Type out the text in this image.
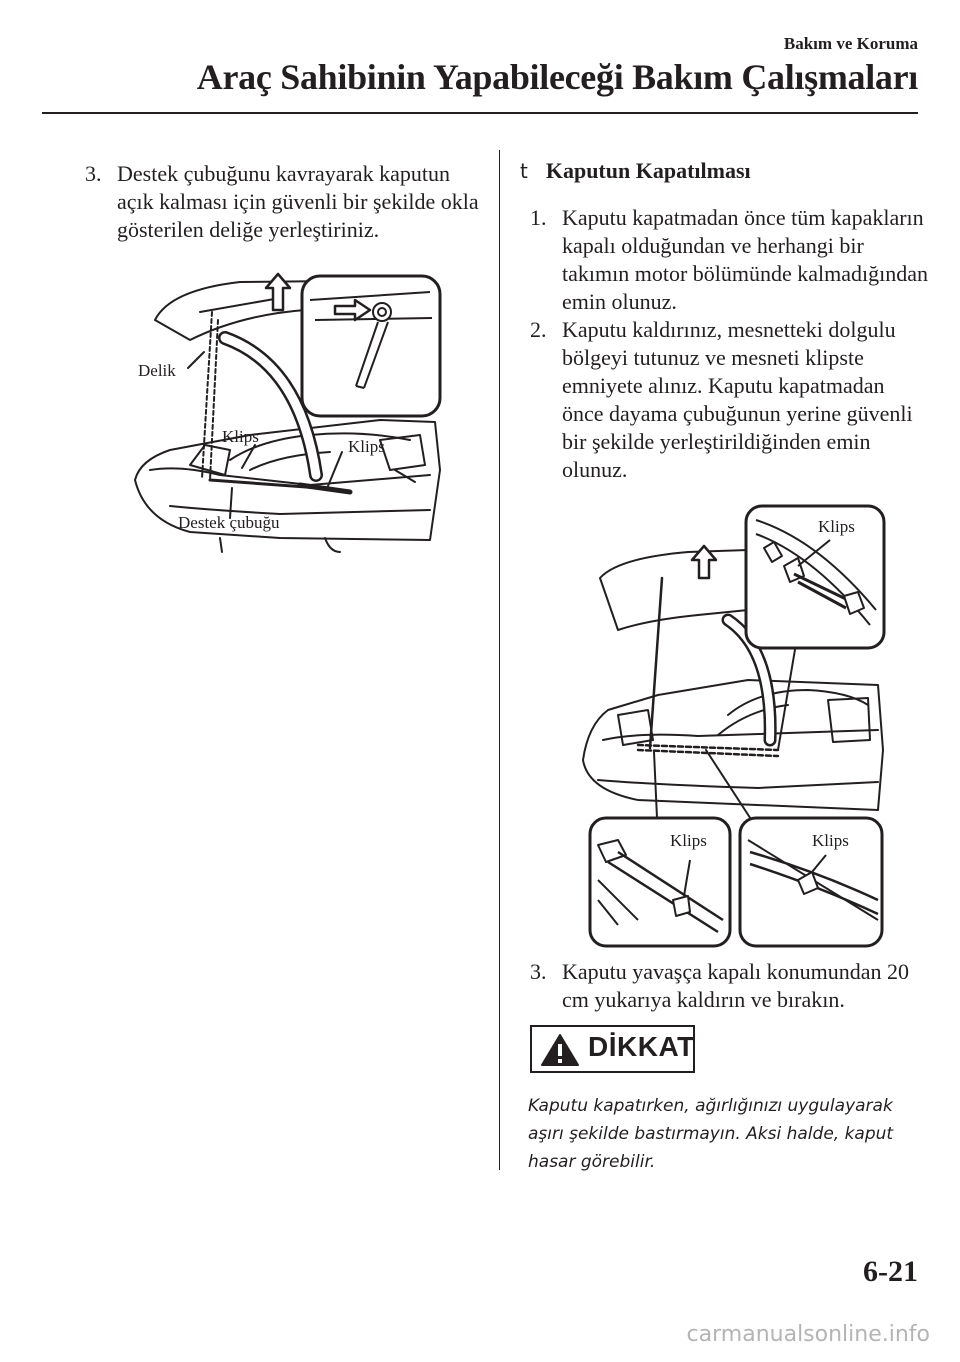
Bakım ve Koruma
Araç Sahibinin Yapabileceği Bakım Çalışmaları
3. Destek çubuğunu kavrayarak kaputun açık kalması için güvenli bir şekilde okla gösterilen deliğe yerleştiriniz.
Delik
Klips
Klips
Destek çubuğu
t Kaputun Kapatılması
1. Kaputu kapatmadan önce tüm kapakların kapalı olduğundan ve herhangi bir takımın motor bölümünde kalmadığından emin olunuz.
2. Kaputu kaldırınız, mesnetteki dolgulu bölgeyi tutunuz ve mesneti klipste emniyete alınız. Kaputu kapatmadan önce dayama çubuğunun yerine güvenli bir şekilde yerleştirildiğinden emin olunuz.
Klips
Klips	Klips
3. Kaputu yavaşça kapalı konumundan 20 cm yukarıya kaldırın ve bırakın.
DİKKAT
Kaputu kapatırken, ağırlığınızı uygulayarak aşırı şekilde bastırmayın. Aksi halde, kaput hasar görebilir.
6-21
carmanualsonline.info
